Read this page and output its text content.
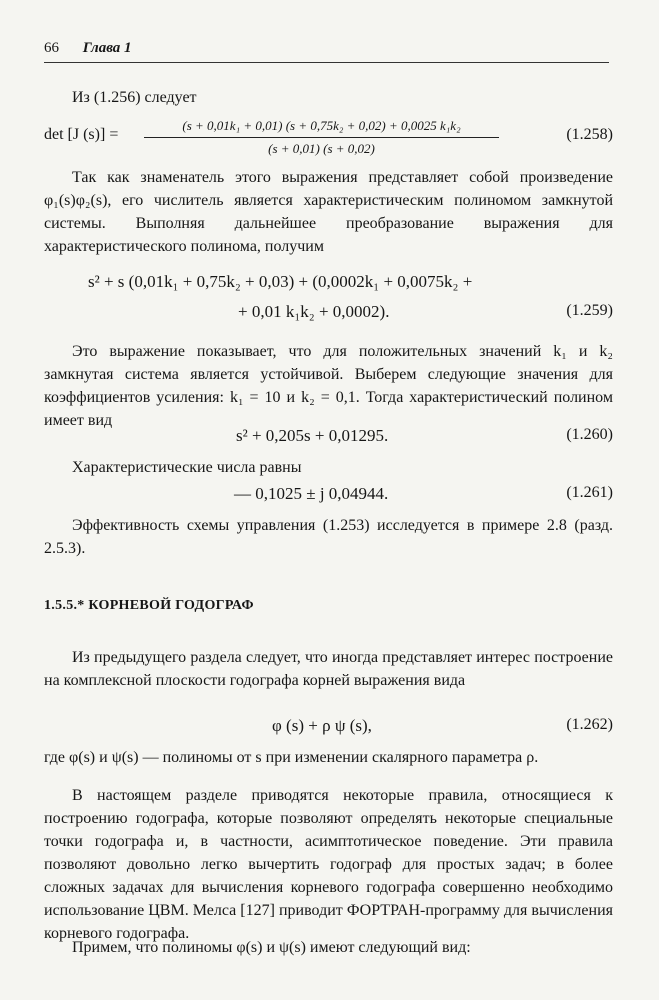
66 Глава 1
Из (1.256) следует
det [J $(s)] = \frac{\text{(s + 0,01k₁ + 0,01) (s + 0,75k₂ + 0,02) + 0,0025 k₁k₂}}{(s + 0,01) (s + 0,02)}$	(1.258)
Так как знаменатель этого выражения представляет собой произведение φ₁(s)φ₂(s), его числитель является характеристическим полиномом замкнутой системы. Выполняя дальнейшее преобразование выражения для характеристического полинома, получим
s² + s (0,01k₁ + 0,75k₂ + 0,03) + (0,0002k₁ + 0,0075k₂ +
+ 0,01 k₁k₂ + 0,0002).	(1.259)
Это выражение показывает, что для положительных значений k₁ и k₂ замкнутая система является устойчивой. Выберем следующие значения для коэффициентов усиления: k₁ = 10 и k₂ = 0,1. Тогда характеристический полином имеет вид
s² + 0,205s + 0,01295.	(1.260)
Характеристические числа равны
— 0,1025 ± j 0,04944.	(1.261)
Эффективность схемы управления (1.253) исследуется в примере 2.8 (разд. 2.5.3).
1.5.5.* КОРНЕВОЙ ГОДОГРАФ
Из предыдущего раздела следует, что иногда представляет интерес построение на комплексной плоскости годографа корней выражения вида
φ (s) + ρ ψ (s),	(1.262)
где φ(s) и ψ(s) — полиномы от s при изменении скалярного параметра ρ.
В настоящем разделе приводятся некоторые правила, относящиеся к построению годографа, которые позволяют определять некоторые специальные точки годографа и, в частности, асимптотическое поведение. Эти правила позволяют довольно легко вычертить годограф для простых задач; в более сложных задачах для вычисления корневого годографа совершенно необходимо использование ЦВМ. Мелса [127] приводит ФОРТРАН-программу для вычисления корневого годографа.
Примем, что полиномы φ(s) и ψ(s) имеют следующий вид:
